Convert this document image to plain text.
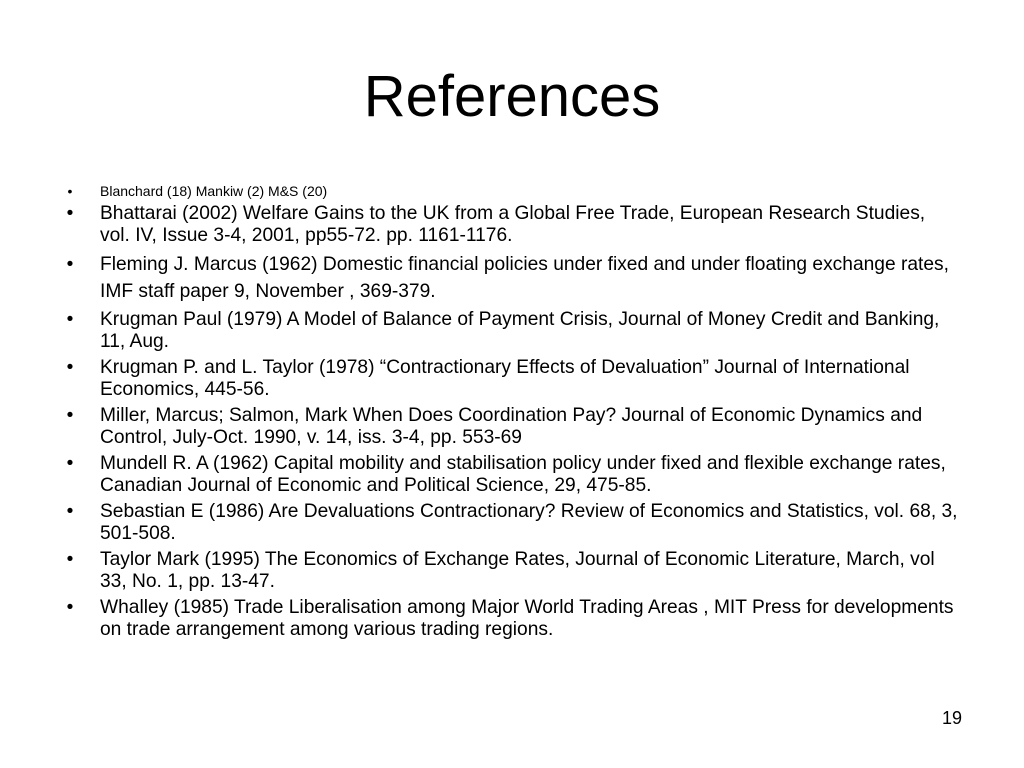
References
•	Blanchard (18) Mankiw (2) M&S (20)
•	Bhattarai (2002) Welfare Gains to the UK from a Global Free Trade, European Research Studies, vol. IV, Issue 3-4, 2001, pp55-72. pp. 1161-1176.
•	Fleming J. Marcus (1962) Domestic financial policies under fixed and under floating exchange rates, IMF staff paper 9, November , 369-379.
•	Krugman Paul (1979) A Model of Balance of Payment Crisis, Journal of Money Credit and Banking, 11, Aug.
•	Krugman P. and L. Taylor (1978) “Contractionary Effects of Devaluation” Journal of International Economics, 445-56.
•	Miller, Marcus; Salmon, Mark When Does Coordination Pay? Journal of Economic Dynamics and Control, July-Oct. 1990, v. 14, iss. 3-4, pp. 553-69
•	Mundell R. A (1962) Capital mobility and stabilisation policy under fixed and flexible exchange rates, Canadian Journal of Economic and Political Science, 29, 475-85.
•	Sebastian E (1986) Are Devaluations Contractionary? Review of Economics and Statistics, vol. 68, 3, 501-508.
•	Taylor Mark (1995) The Economics of Exchange Rates, Journal of Economic Literature, March, vol 33, No. 1, pp. 13-47.
•	Whalley (1985) Trade Liberalisation among Major World Trading Areas , MIT Press for developments on trade arrangement among various trading regions.
19
